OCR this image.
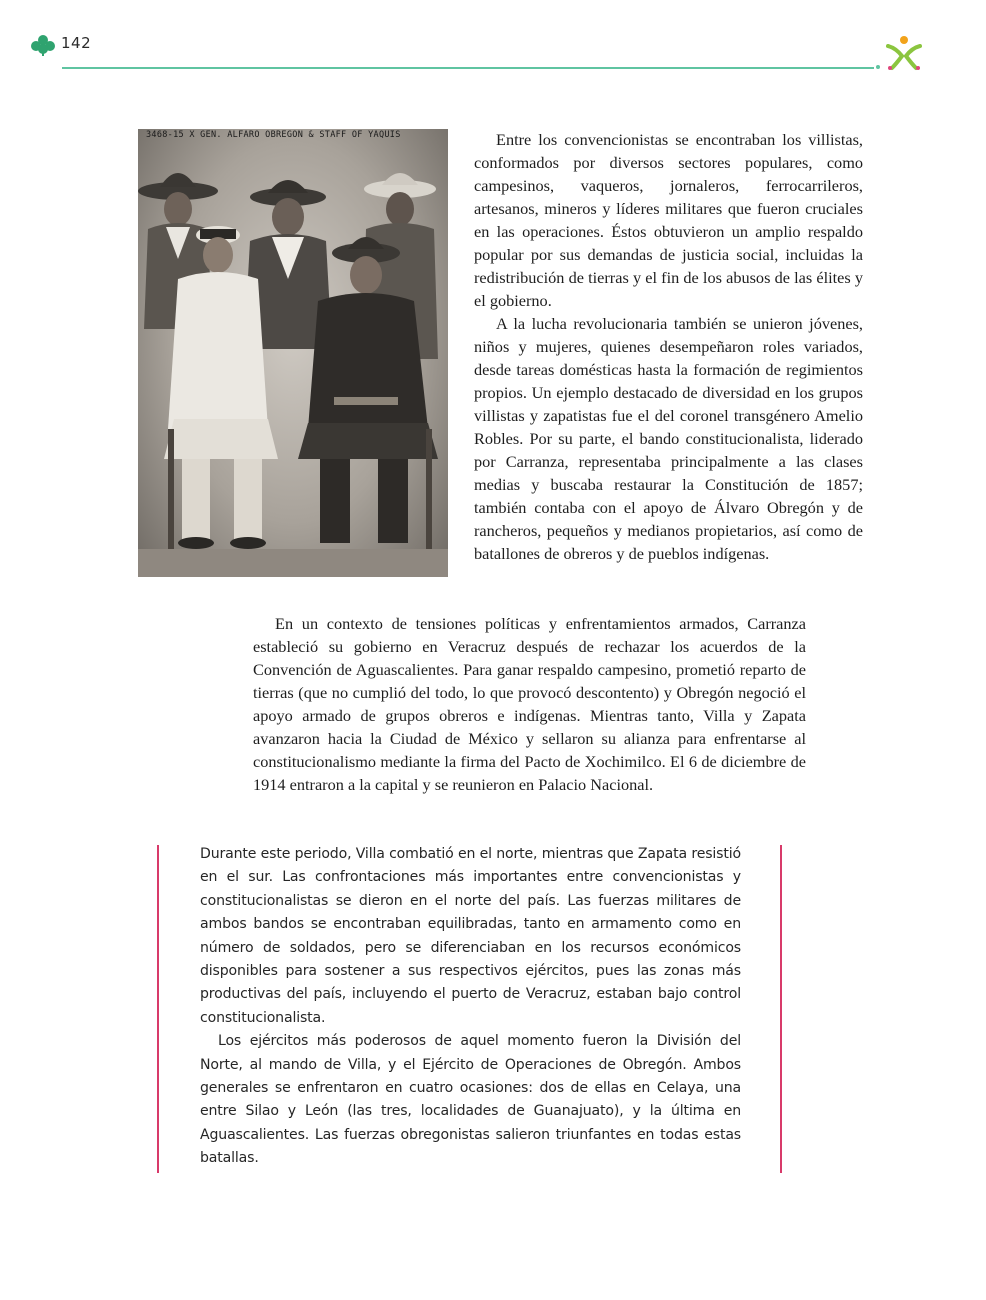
142
3468-15 X GEN. ALFARO OBREGON & STAFF OF YAQUIS	Entre los convencionistas se encontraban los villistas, conformados por diversos sectores populares, como campesinos, vaqueros, jornaleros, ferrocarrileros, artesanos, mineros y líderes militares que fueron cruciales en las operaciones. Éstos obtuvieron un amplio respaldo popular por sus demandas de justicia social, incluidas la redistribución de tierras y el fin de los abusos de las élites y el gobierno.

A la lucha revolucionaria también se unieron jóvenes, niños y mujeres, quienes desempeñaron roles variados, desde tareas domésticas hasta la formación de regimientos propios. Un ejemplo destacado de diversidad en los grupos villistas y zapatistas fue el del coronel transgénero Amelio Robles. Por su parte, el bando constitucionalista, liderado por Carranza, representaba principalmente a las clases medias y buscaba restaurar la Constitución de 1857; también contaba con el apoyo de Álvaro Obregón y de rancheros, pequeños y medianos propietarios, así como de batallones de obreros y de pueblos indígenas.

En un contexto de tensiones políticas y enfrentamientos armados, Carranza estableció su gobierno en Veracruz después de rechazar los acuerdos de la Convención de Aguascalientes. Para ganar respaldo campesino, prometió reparto de tierras (que no cumplió del todo, lo que provocó descontento) y Obregón negoció el apoyo armado de grupos obreros e indígenas. Mientras tanto, Villa y Zapata avanzaron hacia la Ciudad de México y sellaron su alianza para enfrentarse al constitucionalismo mediante la firma del Pacto de Xochimilco. El 6 de diciembre de 1914 entraron a la capital y se reunieron en Palacio Nacional.

Durante este periodo, Villa combatió en el norte, mientras que Zapata resistió en el sur. Las confrontaciones más importantes entre convencionistas y constitucionalistas se dieron en el norte del país. Las fuerzas militares de ambos bandos se encontraban equilibradas, tanto en armamento como en número de soldados, pero se diferenciaban en los recursos económicos disponibles para sostener a sus respectivos ejércitos, pues las zonas más productivas del país, incluyendo el puerto de Veracruz, estaban bajo control constitucionalista.

Los ejércitos más poderosos de aquel momento fueron la División del Norte, al mando de Villa, y el Ejército de Operaciones de Obregón. Ambos generales se enfrentaron en cuatro ocasiones: dos de ellas en Celaya, una entre Silao y León (las tres, localidades de Guanajuato), y la última en Aguascalientes. Las fuerzas obregonistas salieron triunfantes en todas estas batallas.
